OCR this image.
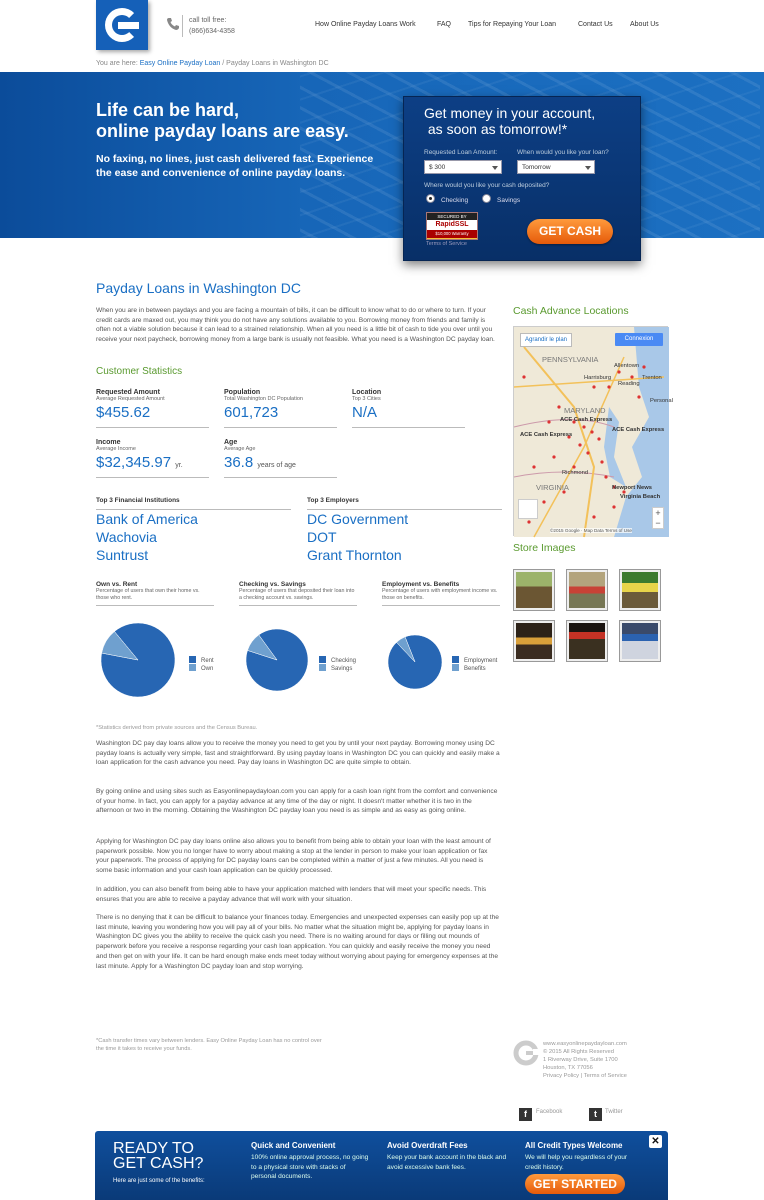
call toll free:
(866)634-4358
How Online Payday Loans Work	FAQ Tips for Repaying Your Loan	Contact Us About Us
You are here: Easy Online Payday Loan / Payday Loans in Washington DC
Life can be hard,
online payday loans are easy.

No faxing, no lines, just cash delivered fast. Experience the ease and convenience of online payday loans.

Get money in your account,
as soon as tomorrow!*
Requested Loan Amount:
$ 300
When would you like your loan?
Tomorrow
Where would you like your cash deposited?
Checking	Savings
SECURED BY
RapidSSL
$10,000 Warranty
Terms of Service
GET CASH
Payday Loans in Washington DC
When you are in between paydays and you are facing a mountain of bills, it can be difficult to know what to do or where to turn. If your credit cards are maxed out, you may think you do not have any solutions available to you. Borrowing money from friends and family is often not a viable solution because it can lead to a strained relationship. When all you need is a little bit of cash to tide you over until you receive your next paycheck, borrowing money from a large bank is usually not feasible. What you need is a Washington DC payday loan.
Customer Statistics
Requested Amount
Average Requested Amount
$455.62
Population
Total Washington DC Population
601,723
Location
Top 3 Cities
N/A
Income
Average Income
$32,345.97 yr.
Age
Average Age
36.8 years of age
Top 3 Financial Institutions
Bank of America
Wachovia
Suntrust
Top 3 Employers
DC Government
DOT
Grant Thornton
Own vs. Rent
Percentage of users that own their home vs. those who rent.
Checking vs. Savings
Percentage of users that deposited their loan into a checking account vs. savings.
Employment vs. Benefits
Percentage of users with employment income vs. those on benefits.
Rent
Own
Checking
Savings
Employment
Benefits
*Statistics derived from private sources and the Census Bureau.
Washington DC pay day loans allow you to receive the money you need to get you by until your next payday. Borrowing money using DC payday loans is actually very simple, fast and straightforward. By using payday loans in Washington DC you can quickly and easily make a loan application for the cash advance you need. Pay day loans in Washington DC are quite simple to obtain.
By going online and using sites such as Easyonlinepaydayloan.com you can apply for a cash loan right from the comfort and convenience of your home. In fact, you can apply for a payday advance at any time of the day or night. It doesn't matter whether it is two in the afternoon or two in the morning. Obtaining the Washington DC payday loan you need is as simple and as easy as going online.
Applying for Washington DC pay day loans online also allows you to benefit from being able to obtain your loan with the least amount of paperwork possible. Now you no longer have to worry about making a stop at the lender in person to make your loan application or fax your paperwork. The process of applying for DC payday loans can be completed within a matter of just a few minutes. All you need is some basic information and your cash loan application can be quickly processed.
In addition, you can also benefit from being able to have your application matched with lenders that will meet your specific needs. This ensures that you are able to receive a payday advance that will work with your situation.
There is no denying that it can be difficult to balance your finances today. Emergencies and unexpected expenses can easily pop up at the last minute, leaving you wondering how you will pay all of your bills. No matter what the situation might be, applying for payday loans in Washington DC gives you the ability to receive the quick cash you need. There is no waiting around for days or filling out mounds of paperwork before you receive a response regarding your cash loan application. You can quickly and easily receive the money you need and then get on with your life. It can be hard enough make ends meet today without worrying about paying for emergency expenses at the last minute. Apply for a Washington DC payday loan and stop worrying.
Cash Advance Locations
PENNSYLVANIA
Allentown
Harrisburg
Reading
Trenton
Personal
MARYLAND
ACE Cash Express
ACE Cash Express
ACE Cash Express
Richmond
VIRGINIA	Newport News
Virginia Beach
Agrandir le plan	Connexion
+
−
©2015 Google · Map Data Terms of Use
Store Images
*Cash transfer times vary between lenders. Easy Online Payday Loan has no control over the time it takes to receive your funds.
www.easyonlinepaydayloan.com
© 2015 All Rights Reserved
1 Riverway Drive, Suite 1700
Houston, TX 77056
Privacy Policy | Terms of Service
f	Facebook	t	Twitter
READY TO
GET CASH?
Here are just some of the benefits:
Quick and Convenient
100% online approval process, no going to a physical store with stacks of personal documents.
Avoid Overdraft Fees
Keep your bank account in the black and avoid excessive bank fees.
All Credit Types Welcome
We will help you regardless of your credit history.
GET STARTED
✕
